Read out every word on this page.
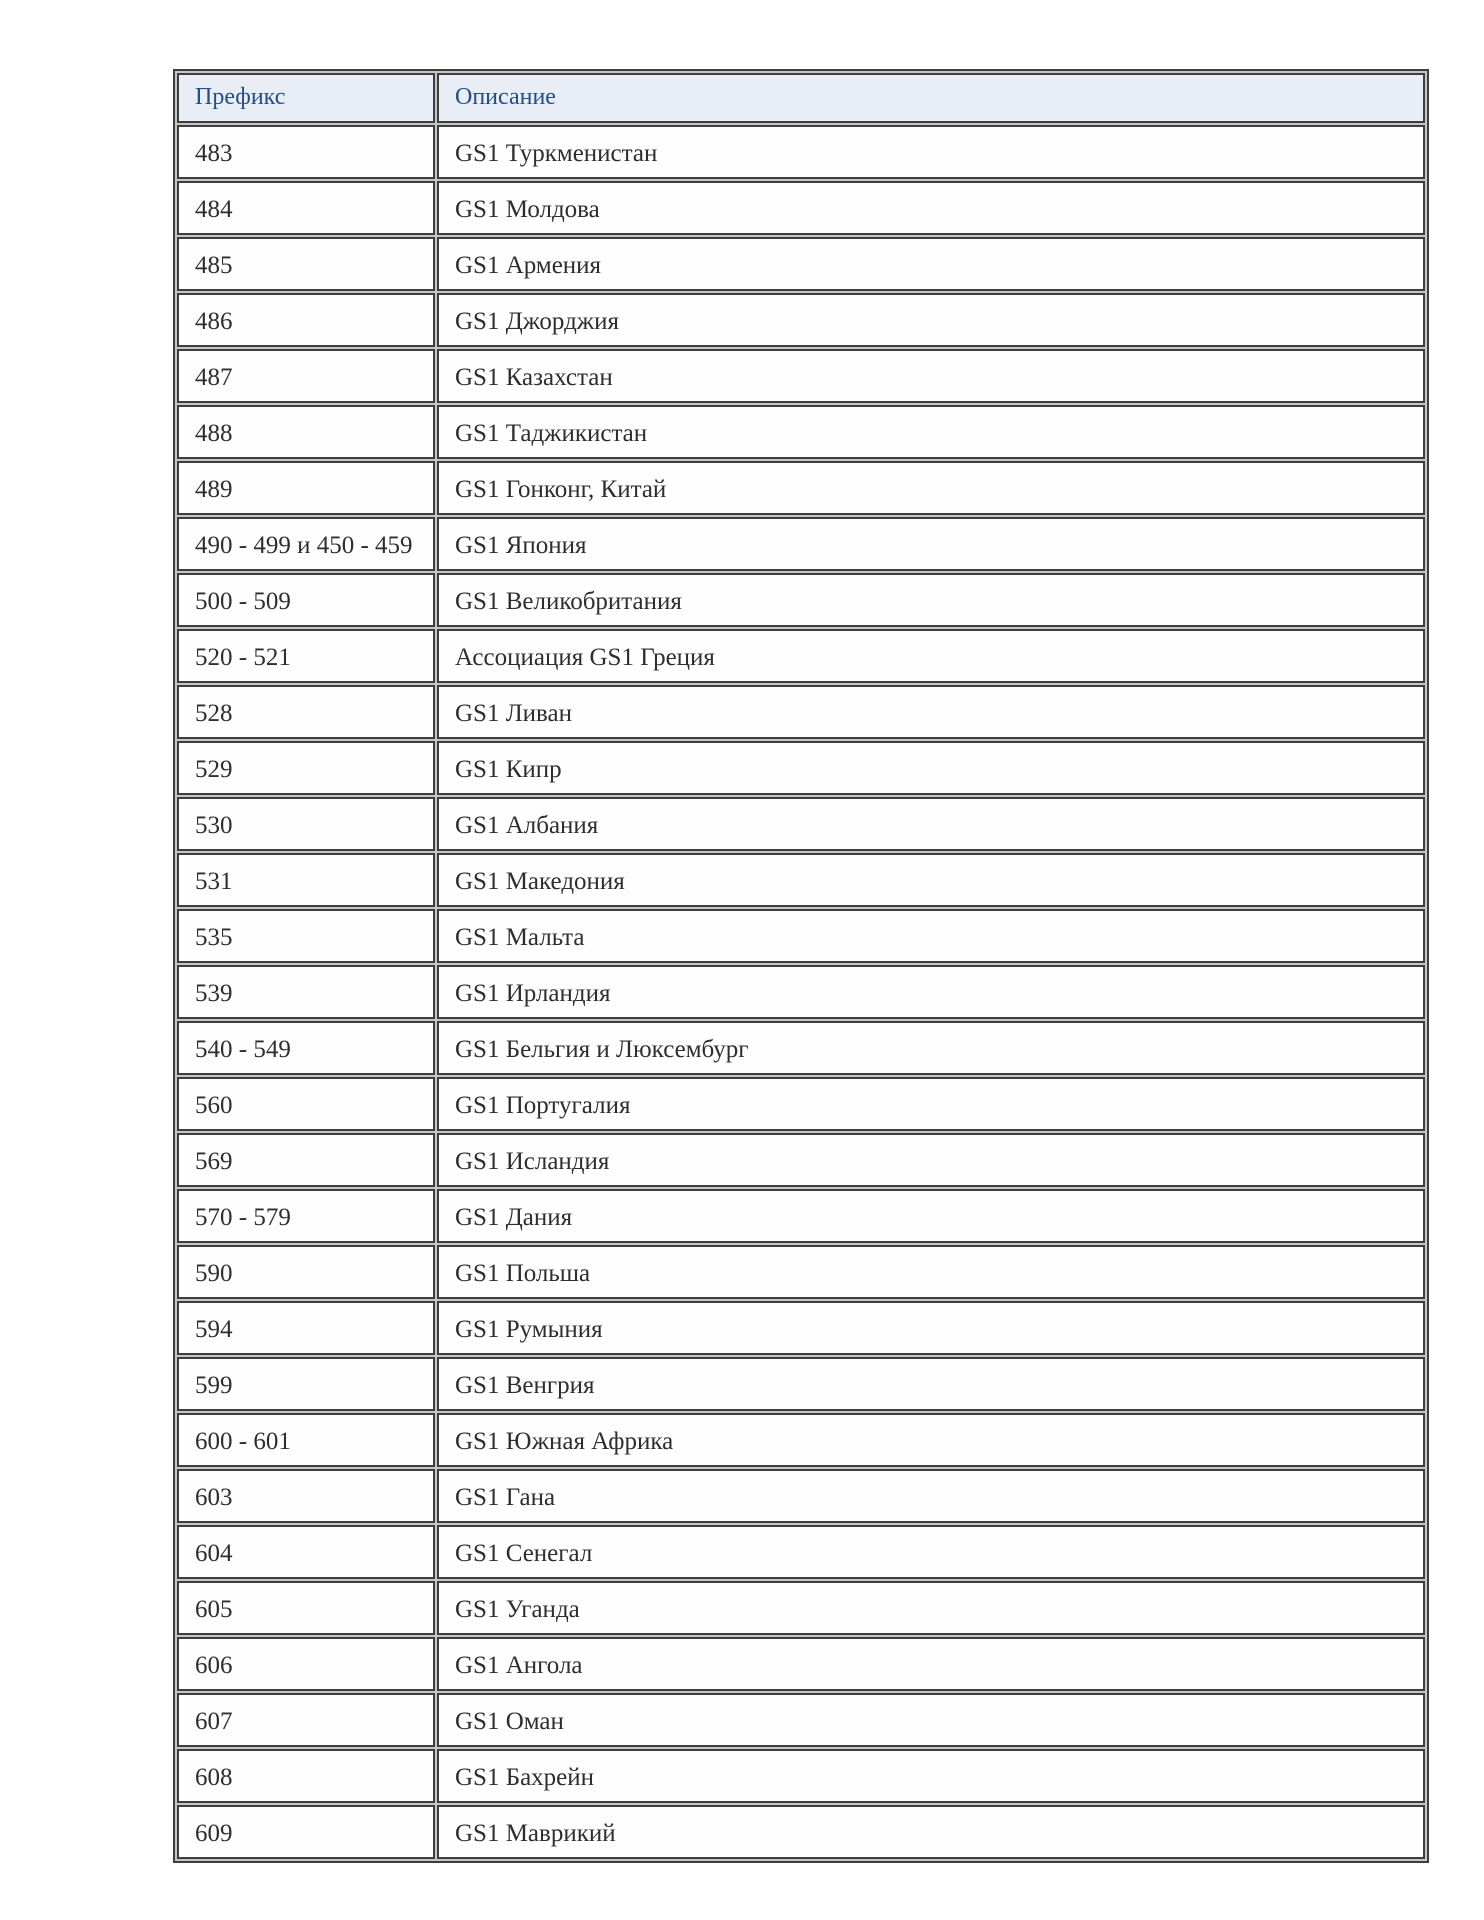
Префикс	Описание
483	GS1 Туркменистан
484	GS1 Молдова
485	GS1 Армения
486	GS1 Джорджия
487	GS1 Казахстан
488	GS1 Таджикистан
489	GS1 Гонконг, Китай
490 - 499 и 450 - 459	GS1 Япония
500 - 509	GS1 Великобритания
520 - 521	Ассоциация GS1 Греция
528	GS1 Ливан
529	GS1 Кипр
530	GS1 Албания
531	GS1 Македония
535	GS1 Мальта
539	GS1 Ирландия
540 - 549	GS1 Бельгия и Люксембург
560	GS1 Португалия
569	GS1 Исландия
570 - 579	GS1 Дания
590	GS1 Польша
594	GS1 Румыния
599	GS1 Венгрия
600 - 601	GS1 Южная Африка
603	GS1 Гана
604	GS1 Сенегал
605	GS1 Уганда
606	GS1 Ангола
607	GS1 Оман
608	GS1 Бахрейн
609	GS1 Маврикий
